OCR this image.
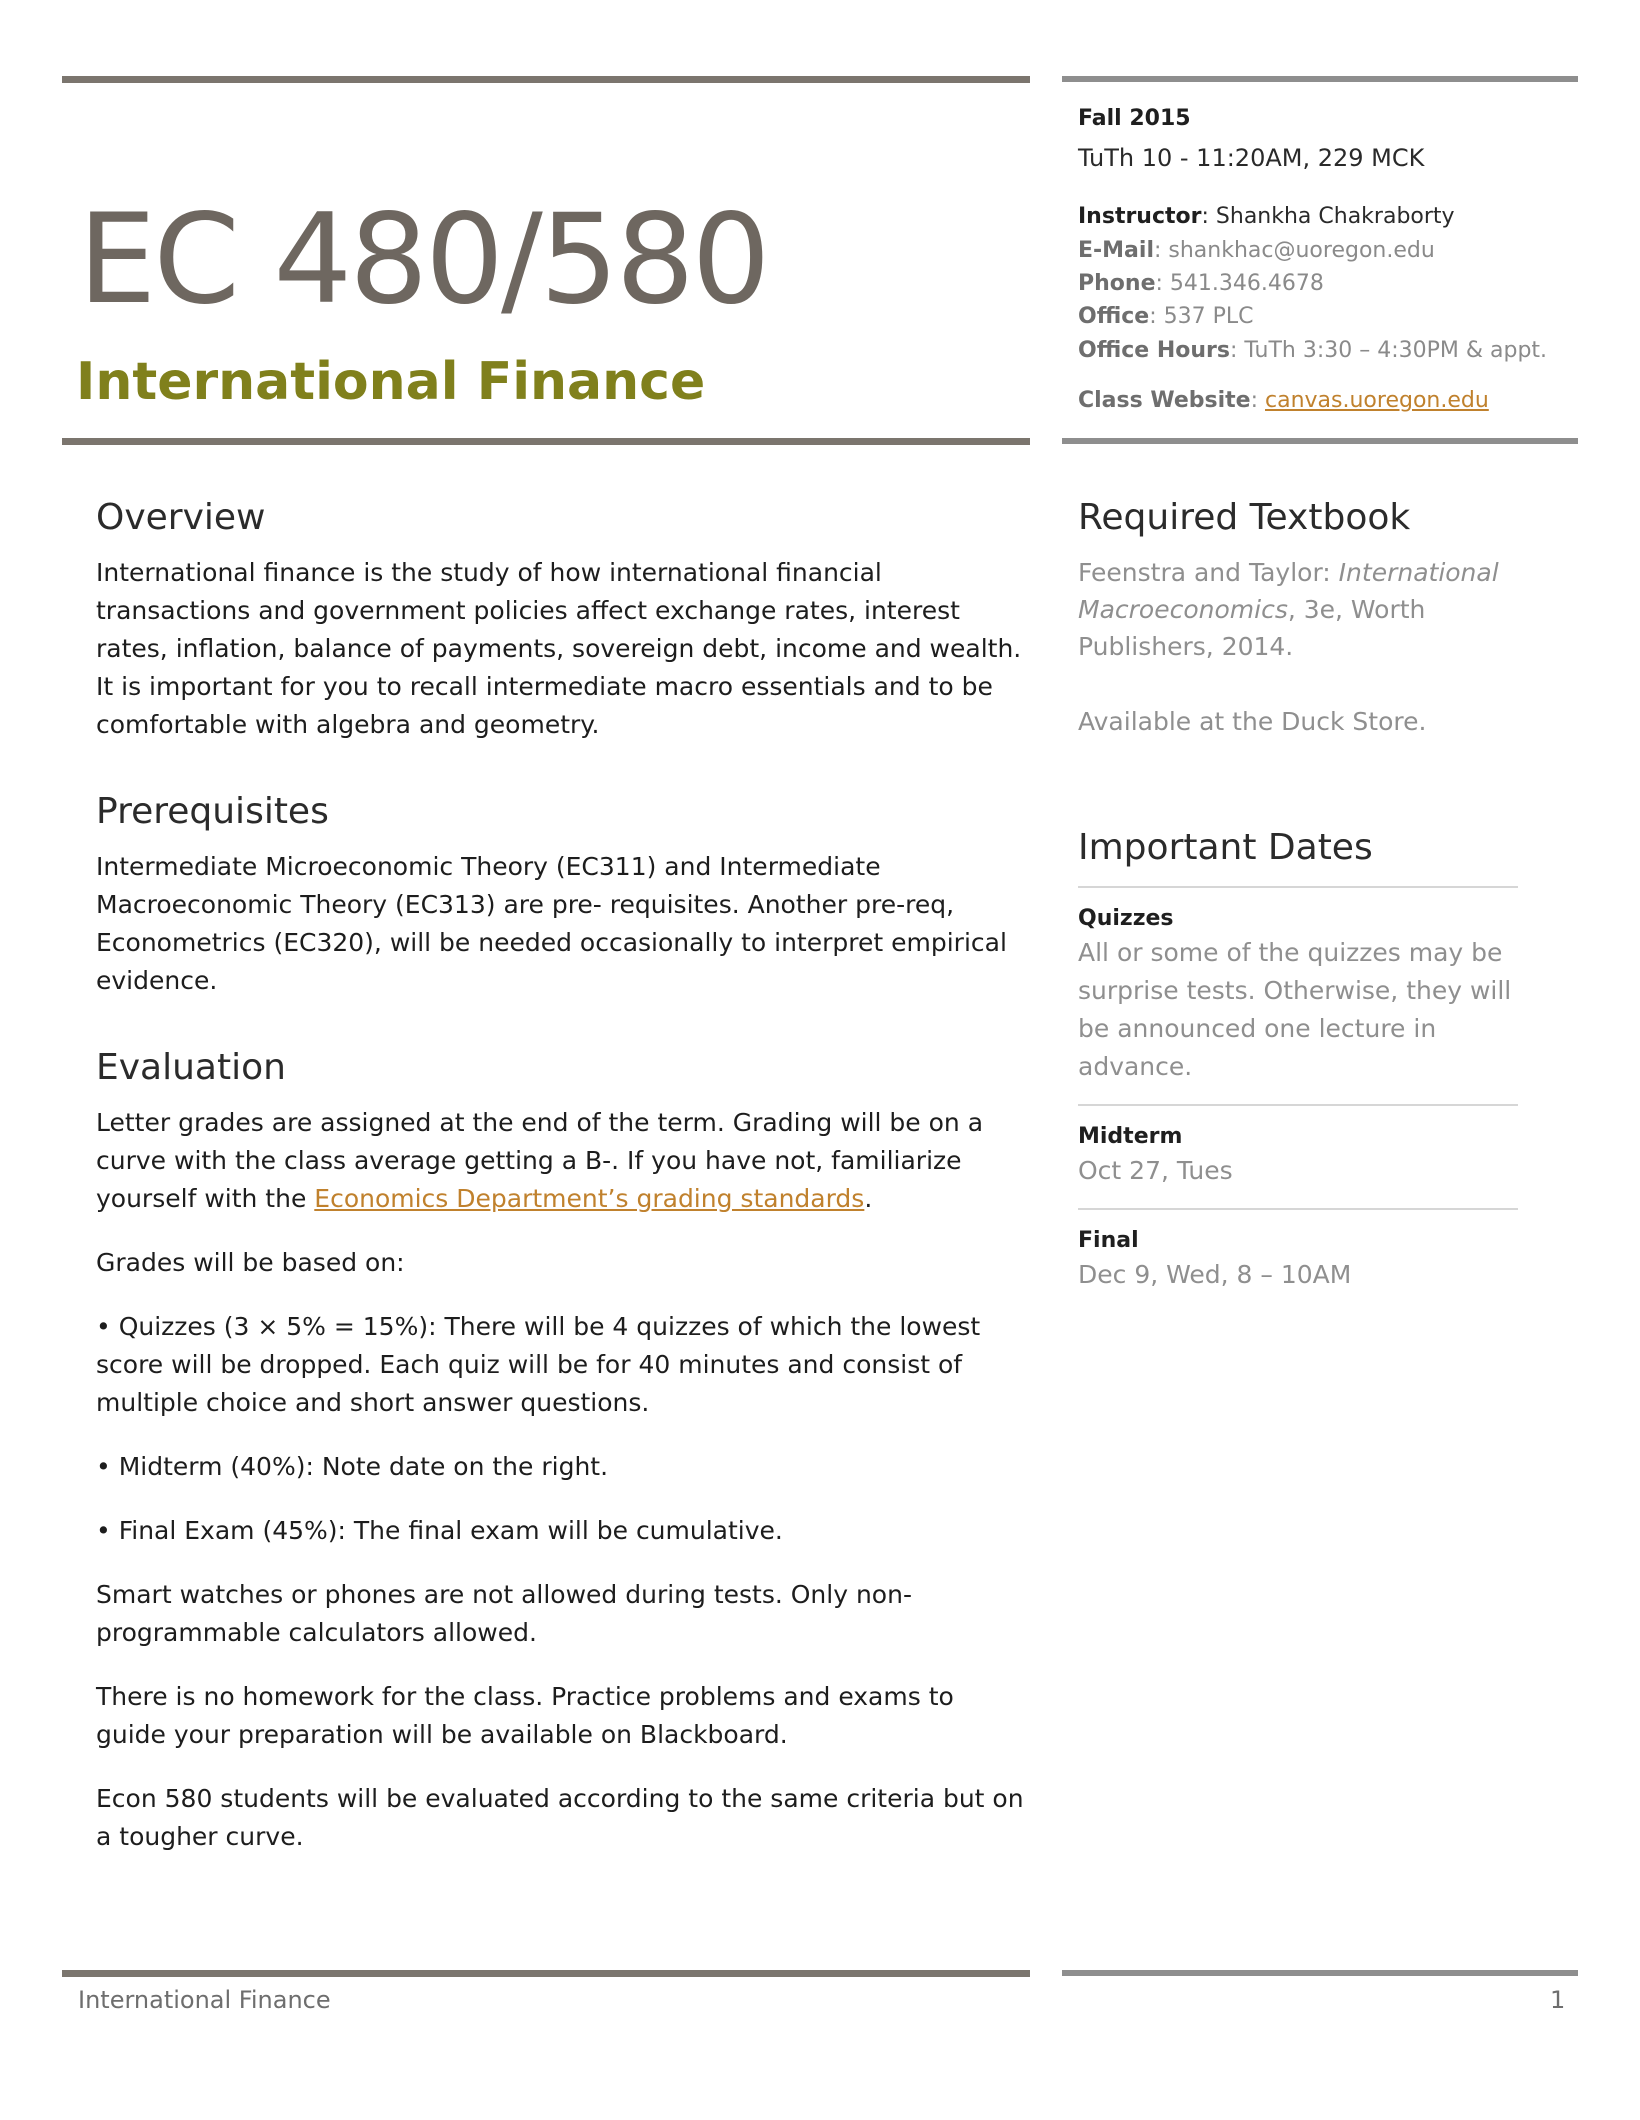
EC 480/580
International Finance
Fall 2015
TuTh 10 - 11:20AM, 229 MCK
Instructor: Shankha Chakraborty
E-Mail: shankhac@uoregon.edu
Phone: 541.346.4678
Office: 537 PLC
Office Hours: TuTh 3:30 – 4:30PM & appt.
Class Website: canvas.uoregon.edu
Overview

International finance is the study of how international financial transactions and government policies affect exchange rates, interest rates, inflation, balance of payments, sovereign debt, income and wealth. It is important for you to recall intermediate macro essentials and to be comfortable with algebra and geometry.

Prerequisites

Intermediate Microeconomic Theory (EC311) and Intermediate Macroeconomic Theory (EC313) are pre- requisites. Another pre-req, Econometrics (EC320), will be needed occasionally to interpret empirical evidence.

Evaluation

Letter grades are assigned at the end of the term. Grading will be on a curve with the class average getting a B-. If you have not, familiarize yourself with the Economics Department’s grading standards.

Grades will be based on:

• Quizzes (3 × 5% = 15%): There will be 4 quizzes of which the lowest score will be dropped. Each quiz will be for 40 minutes and consist of multiple choice and short answer questions.

• Midterm (40%): Note date on the right.

• Final Exam (45%): The final exam will be cumulative.

Smart watches or phones are not allowed during tests. Only non-programmable calculators allowed.

There is no homework for the class. Practice problems and exams to guide your preparation will be available on Blackboard.

Econ 580 students will be evaluated according to the same criteria but on a tougher curve.

Required Textbook

Feenstra and Taylor: International Macroeconomics, 3e, Worth Publishers, 2014.

Available at the Duck Store.

Important Dates

Quizzes

All or some of the quizzes may be surprise tests. Otherwise, they will be announced one lecture in advance.

Midterm

Oct 27, Tues

Final

Dec 9, Wed, 8 – 10AM

International Finance	1
